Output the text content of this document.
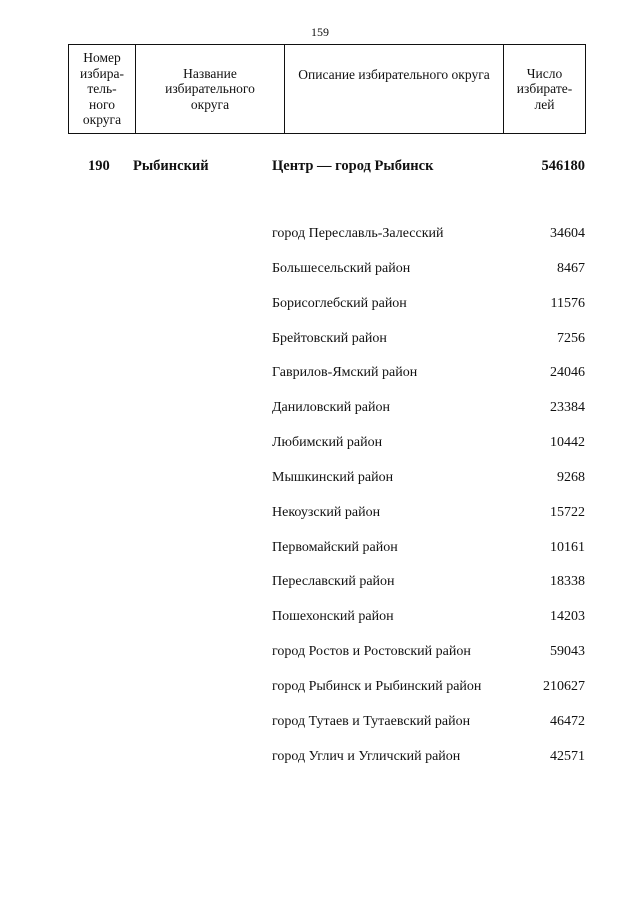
159
Номер
избира-
тель-
ного
округа	Название
избирательного
округа	Описание избирательного округа	Число
избирате-
лей
190 Рыбинский	Центр — город Рыбинск	546180
город Переславль-Залесский	34604
Большесельский район	8467
Борисоглебский район	11576
Брейтовский район	7256
Гаврилов-Ямский район	24046
Даниловский район	23384
Любимский район	10442
Мышкинский район	9268
Некоузский район	15722
Первомайский район	10161
Переславский район	18338
Пошехонский район	14203
город Ростов и Ростовский район	59043
город Рыбинск и Рыбинский район	210627
город Тутаев и Тутаевский район	46472
город Углич и Угличский район	42571
